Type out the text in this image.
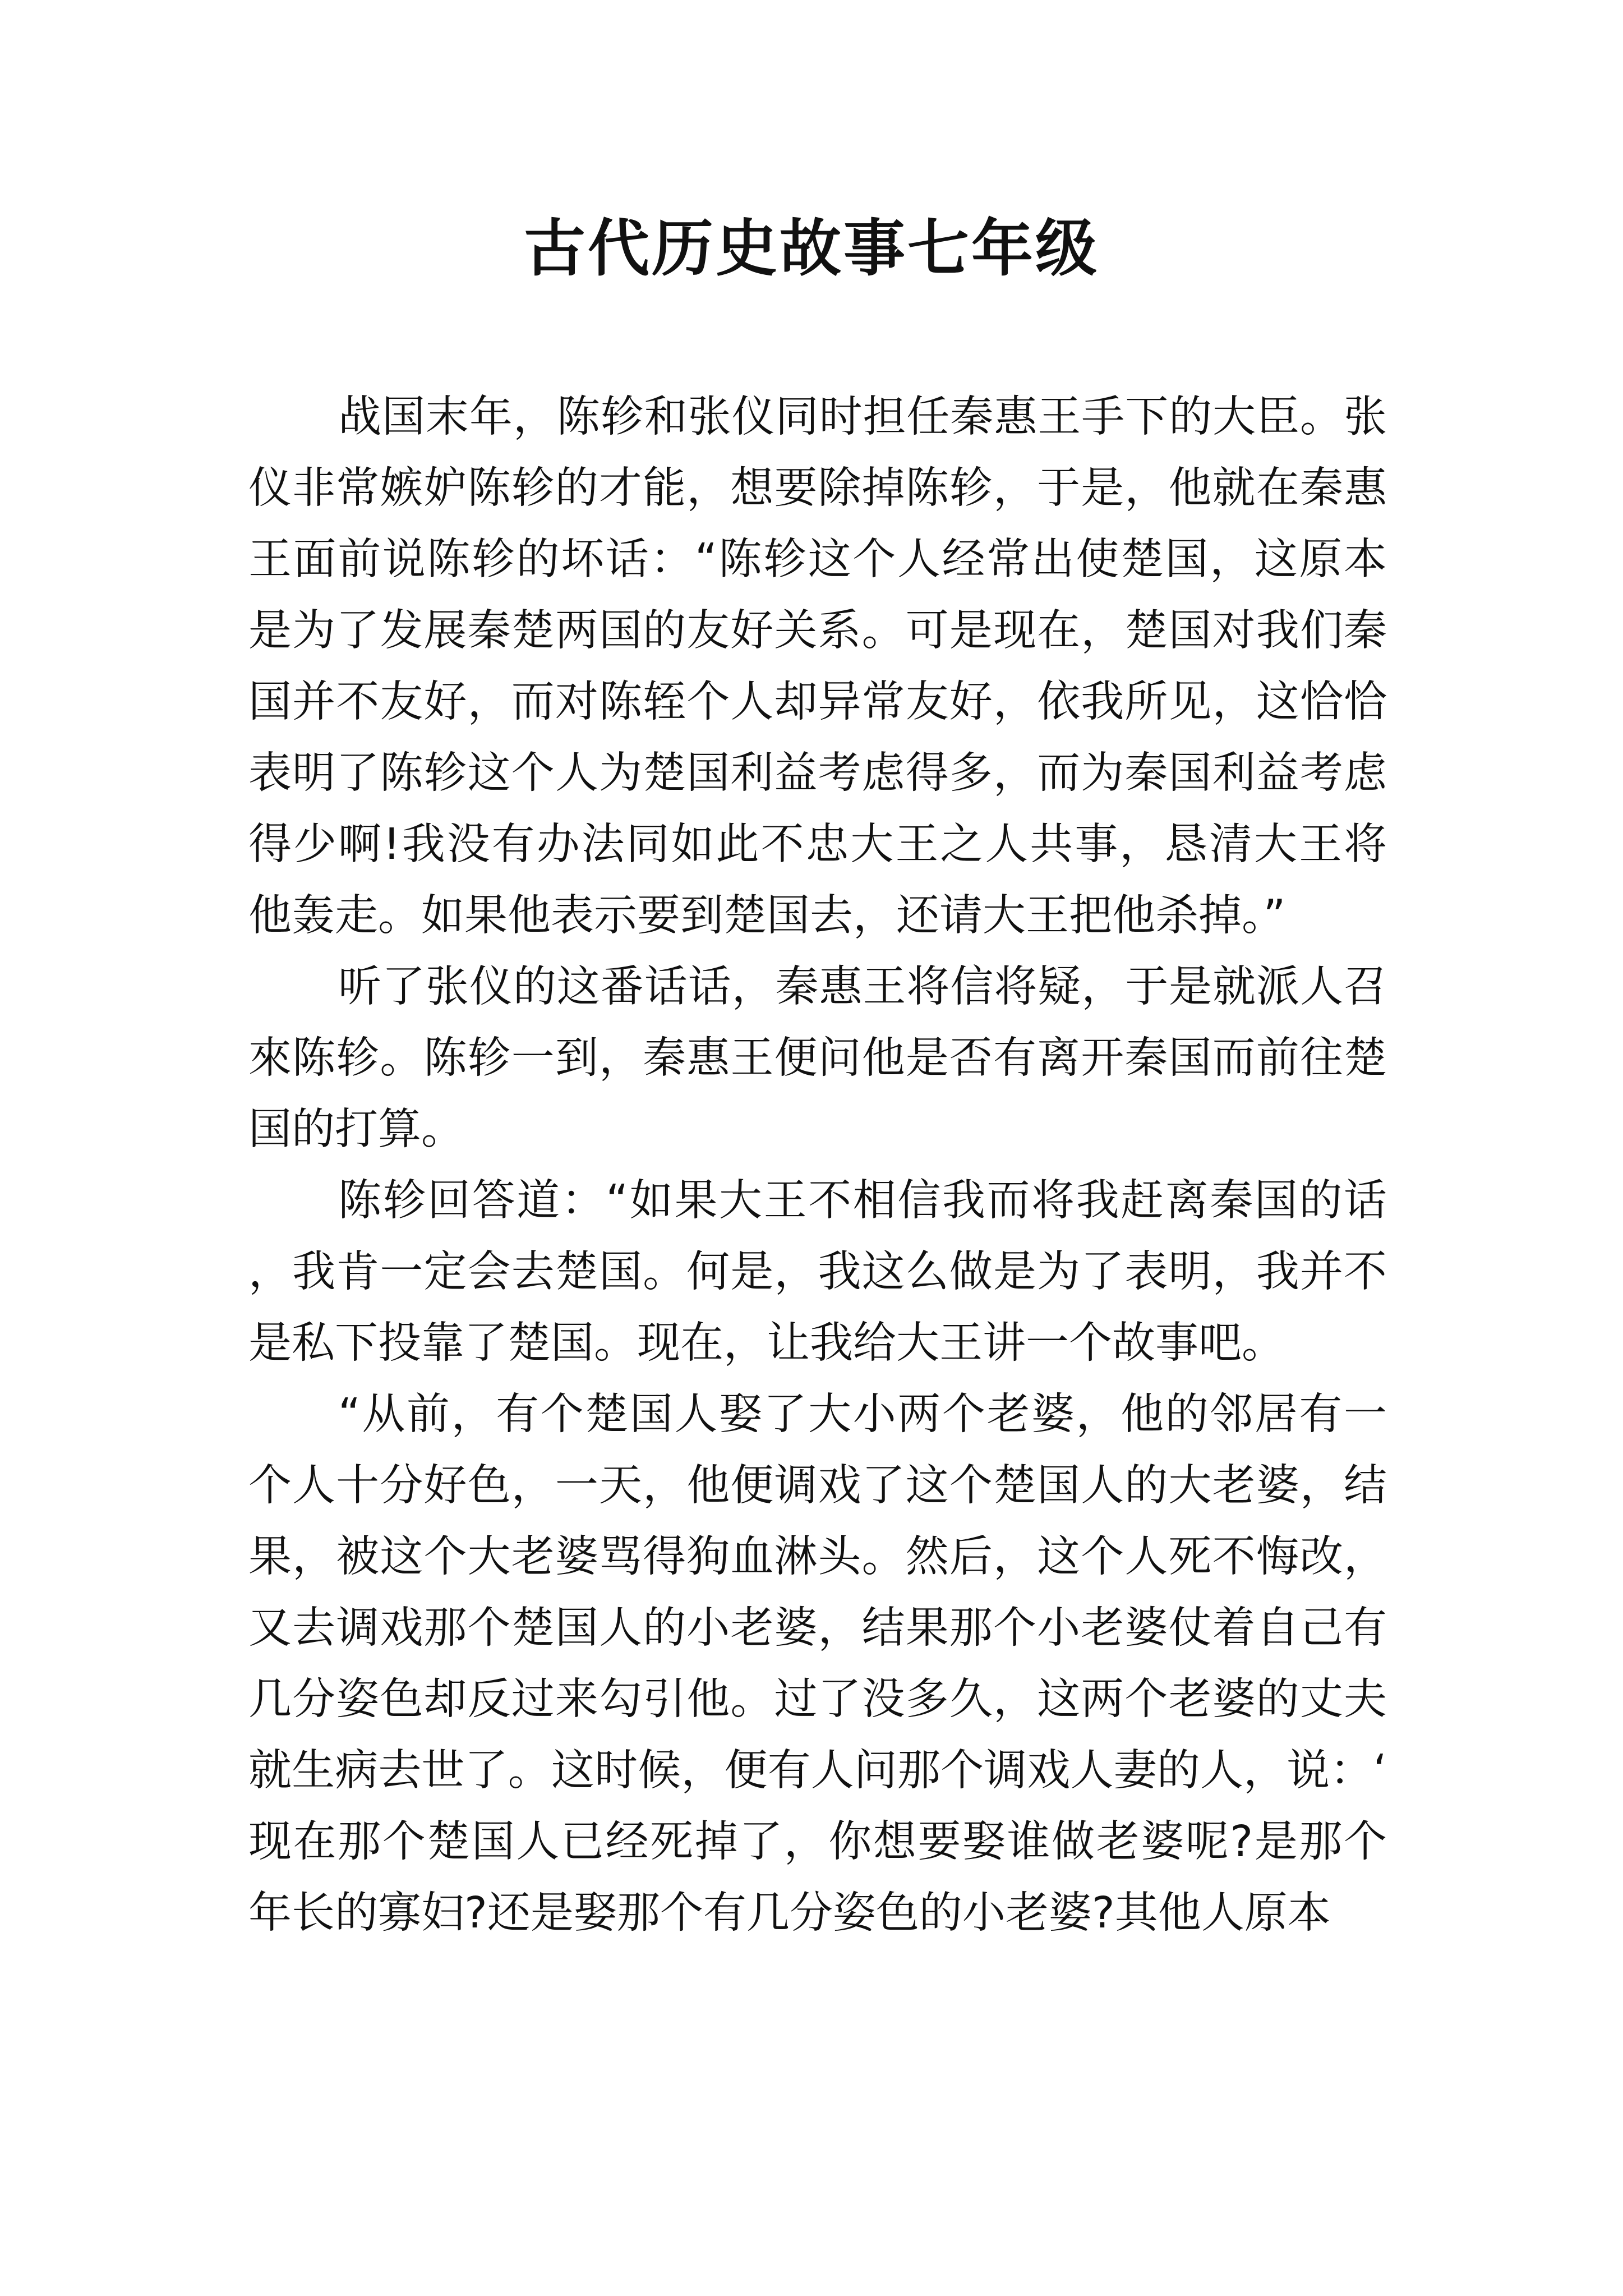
古代历史故事七年级

战国末年，陈轸和张仪同时担任秦惠王手下的大臣。张仪非常嫉妒陈轸的才能，想要除掉陈轸，于是，他就在秦惠王面前说陈轸的坏话：“陈轸这个人经常出使楚国，这原本是为了发展秦楚两国的友好关系。可是现在，楚国对我们秦国并不友好，而对陈轾个人却异常友好，依我所见，这恰恰表明了陈轸这个人为楚国利益考虑得多，而为秦国利益考虑得少啊!我没有办法同如此不忠大王之人共事，恳清大王将他轰走。如果他表示要到楚国去，还请大王把他杀掉。”

听了张仪的这番话话，秦惠王将信将疑，于是就派人召來陈轸。陈轸一到，秦惠王便问他是否有离开秦国而前往楚国的打算。

陈轸回答道：“如果大王不相信我而将我赶离秦国的话，我肯一定会去楚国。何是，我这么做是为了表明，我并不是私下投靠了楚国。现在，让我给大王讲一个故事吧。

“从前，有个楚国人娶了大小两个老婆，他的邻居有一个人十分好色，一天，他便调戏了这个楚国人的大老婆，结果，被这个大老婆骂得狗血淋头。然后，这个人死不悔改，又去调戏那个楚国人的小老婆，结果那个小老婆仗着自己有几分姿色却反过来勾引他。过了没多久，这两个老婆的丈夫就生病去世了。这时候，便有人问那个调戏人妻的人，说：‘现在那个楚国人已经死掉了，你想要娶谁做老婆呢?是那个年长的寡妇?还是娶那个有几分姿色的小老婆?其他人原本
